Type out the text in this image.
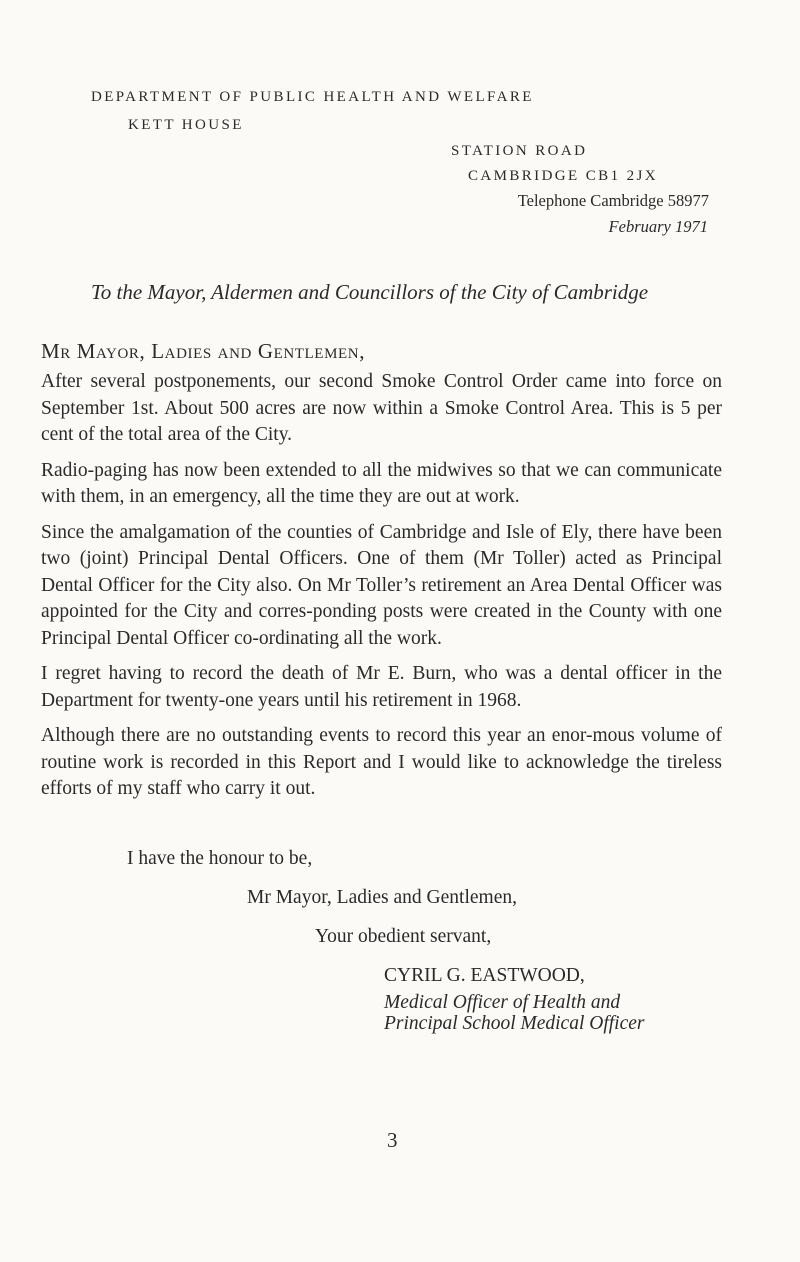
DEPARTMENT OF PUBLIC HEALTH AND WELFARE
KETT HOUSE
STATION ROAD
CAMBRIDGE CB1 2JX
Telephone Cambridge 58977
February 1971
To the Mayor, Aldermen and Councillors of the City of Cambridge
Mr Mayor, Ladies and Gentlemen,

After several postponements, our second Smoke Control Order came into force on September 1st. About 500 acres are now within a Smoke Control Area. This is 5 per cent of the total area of the City.

Radio-paging has now been extended to all the midwives so that we can communicate with them, in an emergency, all the time they are out at work.

Since the amalgamation of the counties of Cambridge and Isle of Ely, there have been two (joint) Principal Dental Officers. One of them (Mr Toller) acted as Principal Dental Officer for the City also. On Mr Toller’s retirement an Area Dental Officer was appointed for the City and corres-ponding posts were created in the County with one Principal Dental Officer co-ordinating all the work.

I regret having to record the death of Mr E. Burn, who was a dental officer in the Department for twenty-one years until his retirement in 1968.

Although there are no outstanding events to record this year an enor-mous volume of routine work is recorded in this Report and I would like to acknowledge the tireless efforts of my staff who carry it out.

I have the honour to be,
Mr Mayor, Ladies and Gentlemen,
Your obedient servant,
CYRIL G. EASTWOOD,
Medical Officer of Health and
Principal School Medical Officer
3
